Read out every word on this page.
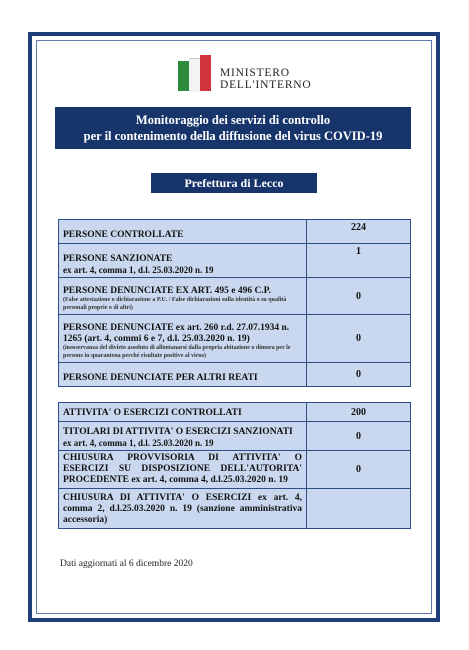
MINISTERO
DELL'INTERNO
Monitoraggio dei servizi di controllo
per il contenimento della diffusione del virus COVID-19
Prefettura di Lecco
PERSONE CONTROLLATE	224

PERSONE SANZIONATE
ex art. 4, comma 1, d.l. 25.03.2020 n. 19	1

PERSONE DENUNCIATE EX ART. 495 e 496 C.P.
(False attestazione o dichiarazione a P.U. / False dichiarazioni sulla identità o su qualità personali proprie o di altri)	0

PERSONE DENUNCIATE ex art. 260 r.d. 27.07.1934 n. 1265 (art. 4, commi 6 e 7, d.l. 25.03.2020 n. 19)
(inosservanza del divieto assoluto di allontanarsi dalla propria abitazione o dimora per le persone in quarantena perché risultate positive al virus)	0

PERSONE DENUNCIATE PER ALTRI REATI	0
ATTIVITA' O ESERCIZI CONTROLLATI	200

TITOLARI DI ATTIVITA' O ESERCIZI SANZIONATI
ex art. 4, comma 1, d.l. 25.03.2020 n. 19	0

CHIUSURA PROVVISORIA DI ATTIVITA' O ESERCIZI SU DISPOSIZIONE DELL'AUTORITA' PROCEDENTE ex art. 4, comma 4, d.l.25.03.2020 n. 19	0

CHIUSURA DI ATTIVITA' O ESERCIZI ex art. 4, comma 2, d.l.25.03.2020 n. 19 (sanzione amministrativa accessoria)	

Dati aggiornati al 6 dicembre 2020
